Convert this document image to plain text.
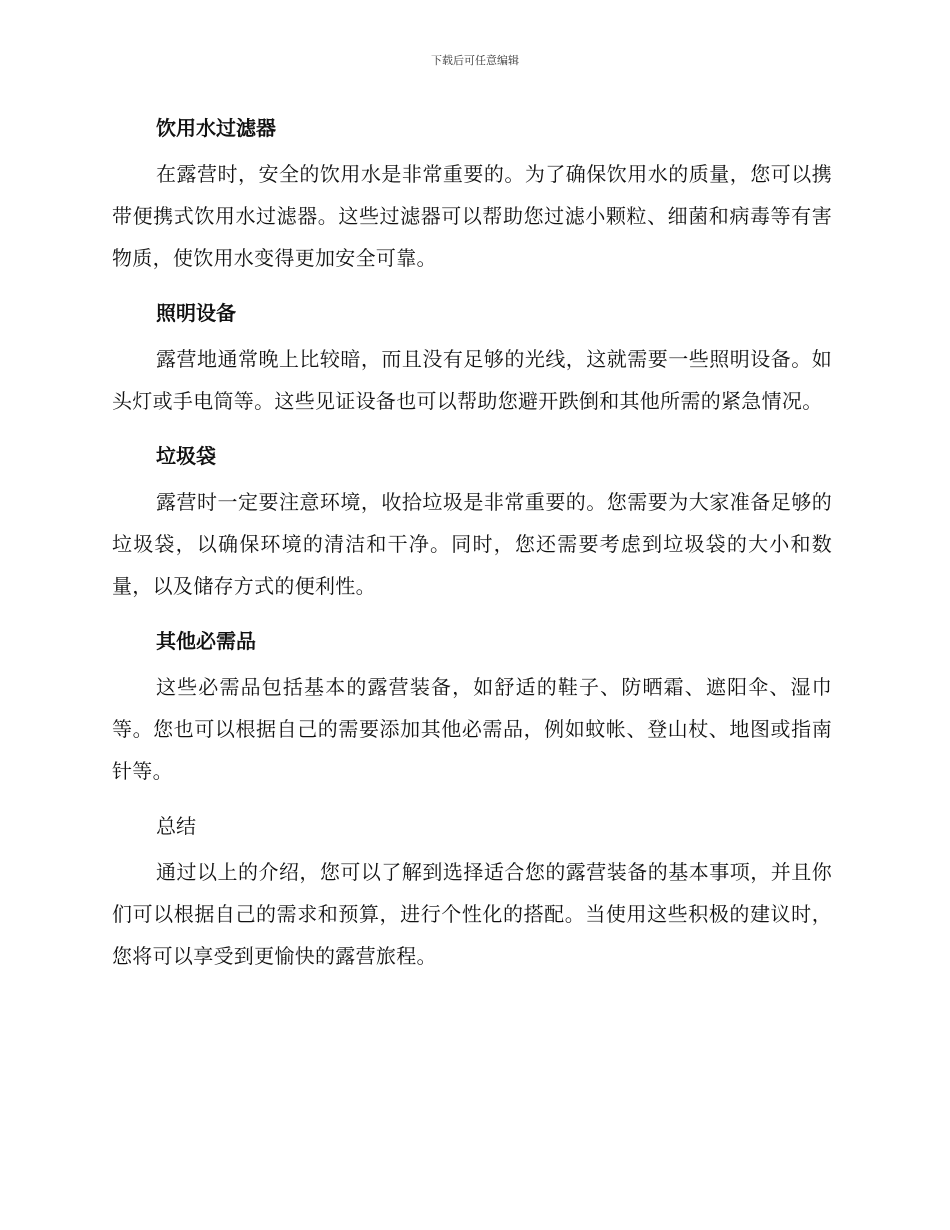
下载后可任意编辑
饮用水过滤器

在露营时，安全的饮用水是非常重要的。为了确保饮用水的质量，您可以携带便携式饮用水过滤器。这些过滤器可以帮助您过滤小颗粒、细菌和病毒等有害物质，使饮用水变得更加安全可靠。

照明设备

露营地通常晚上比较暗，而且没有足够的光线，这就需要一些照明设备。如头灯或手电筒等。这些见证设备也可以帮助您避开跌倒和其他所需的紧急情况。

垃圾袋

露营时一定要注意环境，收拾垃圾是非常重要的。您需要为大家准备足够的垃圾袋，以确保环境的清洁和干净。同时，您还需要考虑到垃圾袋的大小和数量，以及储存方式的便利性。

其他必需品

这些必需品包括基本的露营装备，如舒适的鞋子、防晒霜、遮阳伞、湿巾等。您也可以根据自己的需要添加其他必需品，例如蚊帐、登山杖、地图或指南针等。

总结

通过以上的介绍，您可以了解到选择适合您的露营装备的基本事项，并且你们可以根据自己的需求和预算，进行个性化的搭配。当使用这些积极的建议时，您将可以享受到更愉快的露营旅程。
